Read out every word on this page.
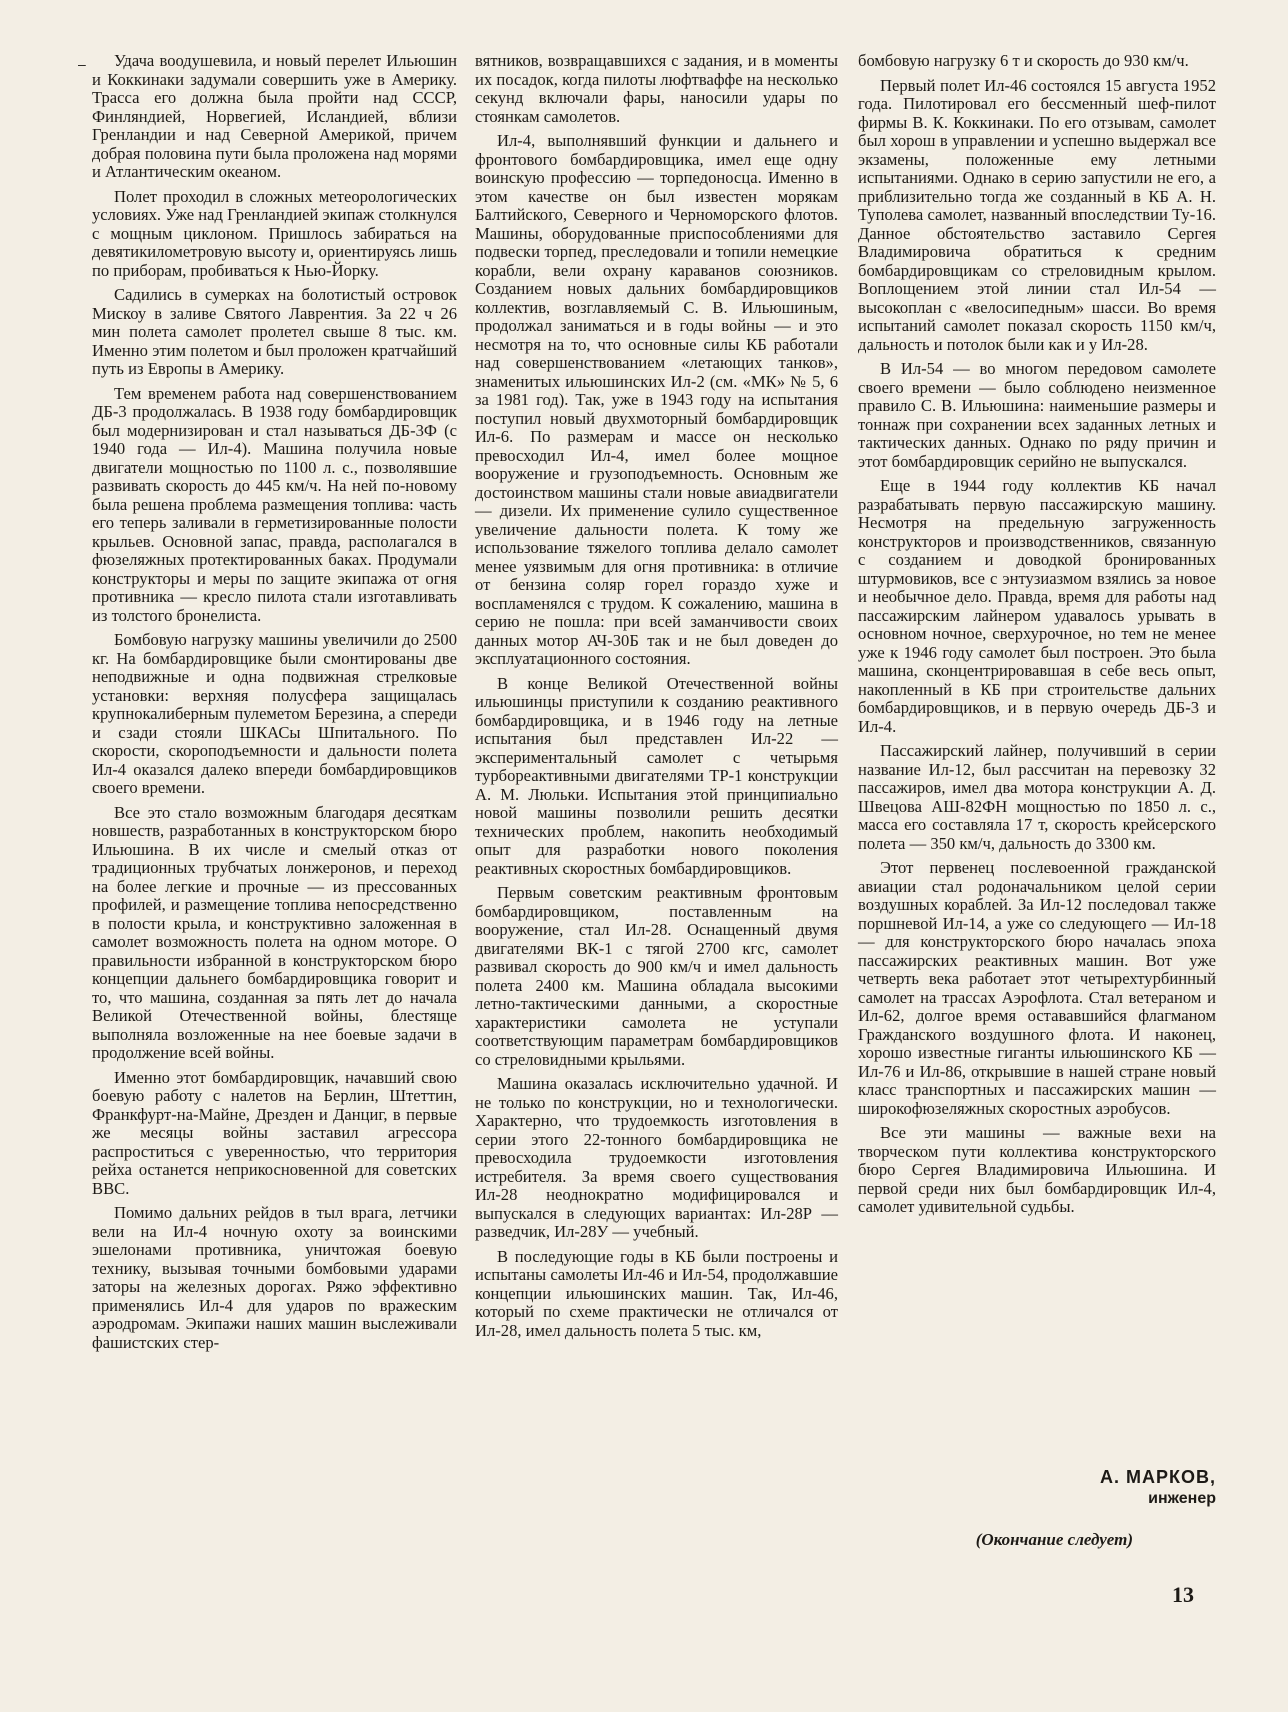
–	Удача воодушевила, и новый перелет Ильюшин и Коккинаки задумали совершить уже в Америку. Трасса его должна была пройти над СССР, Финляндией, Норвегией, Исландией, вблизи Гренландии и над Северной Америкой, причем добрая половина пути была проложена над морями и Атлантическим океаном.

Полет проходил в сложных метеорологических условиях. Уже над Гренландией экипаж столкнулся с мощным циклоном. Пришлось забираться на девятикилометровую высоту и, ориентируясь лишь по приборам, пробиваться к Нью-Йорку.

Садились в сумерках на болотистый островок Мискоу в заливе Святого Лаврентия. За 22 ч 26 мин полета самолет пролетел свыше 8 тыс. км. Именно этим полетом и был проложен кратчайший путь из Европы в Америку.

Тем временем работа над совершенствованием ДБ-3 продолжалась. В 1938 году бомбардировщик был модернизирован и стал называться ДБ-3Ф (с 1940 года — Ил-4). Машина получила новые двигатели мощностью по 1100 л. с., позволявшие развивать скорость до 445 км/ч. На ней по-новому была решена проблема размещения топлива: часть его теперь заливали в герметизированные полости крыльев. Основной запас, правда, располагался в фюзеляжных протектированных баках. Продумали конструкторы и меры по защите экипажа от огня противника — кресло пилота стали изготавливать из толстого бронелиста.

Бомбовую нагрузку машины увеличили до 2500 кг. На бомбардировщике были смонтированы две неподвижные и одна подвижная стрелковые установки: верхняя полусфера защищалась крупнокалиберным пулеметом Березина, а спереди и сзади стояли ШКАСы Шпитального. По скорости, скороподъемности и дальности полета Ил-4 оказался далеко впереди бомбардировщиков своего времени.

Все это стало возможным благодаря десяткам новшеств, разработанных в конструкторском бюро Ильюшина. В их числе и смелый отказ от традиционных трубчатых лонжеронов, и переход на более легкие и прочные — из прессованных профилей, и размещение топлива непосредственно в полости крыла, и конструктивно заложенная в самолет возможность полета на одном моторе. О правильности избранной в конструкторском бюро концепции дальнего бомбардировщика говорит и то, что машина, созданная за пять лет до начала Великой Отечественной войны, блестяще выполняла возложенные на нее боевые задачи в продолжение всей войны.

Именно этот бомбардировщик, начавший свою боевую работу с налетов на Берлин, Штеттин, Франкфурт-на-Майне, Дрезден и Данциг, в первые же месяцы войны заставил агрессора распроститься с уверенностью, что территория рейха останется неприкосновенной для советских ВВС.

Помимо дальних рейдов в тыл врага, летчики вели на Ил-4 ночную охоту за воинскими эшелонами противника, уничтожая боевую технику, вызывая точными бомбовыми ударами заторы на железных дорогах. Ряжо эффективно применялись Ил-4 для ударов по вражеским аэродромам. Экипажи наших машин выслеживали фашистских стер-

вятников, возвращавшихся с задания, и в моменты их посадок, когда пилоты люфтваффе на несколько секунд включали фары, наносили удары по стоянкам самолетов.

Ил-4, выполнявший функции и дальнего и фронтового бомбардировщика, имел еще одну воинскую профессию — торпедоносца. Именно в этом качестве он был известен морякам Балтийского, Северного и Черноморского флотов. Машины, оборудованные приспособлениями для подвески торпед, преследовали и топили немецкие корабли, вели охрану караванов союзников. Созданием новых дальних бомбардировщиков коллектив, возглавляемый С. В. Ильюшиным, продолжал заниматься и в годы войны — и это несмотря на то, что основные силы КБ работали над совершенствованием «летающих танков», знаменитых ильюшинских Ил-2 (см. «МК» № 5, 6 за 1981 год). Так, уже в 1943 году на испытания поступил новый двухмоторный бомбардировщик Ил-6. По размерам и массе он несколько превосходил Ил-4, имел более мощное вооружение и грузоподъемность. Основным же достоинством машины стали новые авиадвигатели — дизели. Их применение сулило существенное увеличение дальности полета. К тому же использование тяжелого топлива делало самолет менее уязвимым для огня противника: в отличие от бензина соляр горел гораздо хуже и воспламенялся с трудом. К сожалению, машина в серию не пошла: при всей заманчивости своих данных мотор АЧ-30Б так и не был доведен до эксплуатационного состояния.

В конце Великой Отечественной войны ильюшинцы приступили к созданию реактивного бомбардировщика, и в 1946 году на летные испытания был представлен Ил-22 — экспериментальный самолет с четырьмя турбореактивными двигателями ТР-1 конструкции А. М. Люльки. Испытания этой принципиально новой машины позволили решить десятки технических проблем, накопить необходимый опыт для разработки нового поколения реактивных скоростных бомбардировщиков.

Первым советским реактивным фронтовым бомбардировщиком, поставленным на вооружение, стал Ил-28. Оснащенный двумя двигателями ВК-1 с тягой 2700 кгс, самолет развивал скорость до 900 км/ч и имел дальность полета 2400 км. Машина обладала высокими летно-тактическими данными, а скоростные характеристики самолета не уступали соответствующим параметрам бомбардировщиков со стреловидными крыльями.

Машина оказалась исключительно удачной. И не только по конструкции, но и технологически. Характерно, что трудоемкость изготовления в серии этого 22-тонного бомбардировщика не превосходила трудоемкости изготовления истребителя. За время своего существования Ил-28 неоднократно модифицировался и выпускался в следующих вариантах: Ил-28Р — разведчик, Ил-28У — учебный.

В последующие годы в КБ были построены и испытаны самолеты Ил-46 и Ил-54, продолжавшие концепции ильюшинских машин. Так, Ил-46, который по схеме практически не отличался от Ил-28, имел дальность полета 5 тыс. км,

бомбовую нагрузку 6 т и скорость до 930 км/ч.

Первый полет Ил-46 состоялся 15 августа 1952 года. Пилотировал его бессменный шеф-пилот фирмы В. К. Коккинаки. По его отзывам, самолет был хорош в управлении и успешно выдержал все экзамены, положенные ему летными испытаниями. Однако в серию запустили не его, а приблизительно тогда же созданный в КБ А. Н. Туполева самолет, названный впоследствии Ту-16. Данное обстоятельство заставило Сергея Владимировича обратиться к средним бомбардировщикам со стреловидным крылом. Воплощением этой линии стал Ил-54 — высокоплан с «велосипедным» шасси. Во время испытаний самолет показал скорость 1150 км/ч, дальность и потолок были как и у Ил-28.

В Ил-54 — во многом передовом самолете своего времени — было соблюдено неизменное правило С. В. Ильюшина: наименьшие размеры и тоннаж при сохранении всех заданных летных и тактических данных. Однако по ряду причин и этот бомбардировщик серийно не выпускался.

Еще в 1944 году коллектив КБ начал разрабатывать первую пассажирскую машину. Несмотря на предельную загруженность конструкторов и производственников, связанную с созданием и доводкой бронированных штурмовиков, все с энтузиазмом взялись за новое и необычное дело. Правда, время для работы над пассажирским лайнером удавалось урывать в основном ночное, сверхурочное, но тем не менее уже к 1946 году самолет был построен. Это была машина, сконцентрировавшая в себе весь опыт, накопленный в КБ при строительстве дальних бомбардировщиков, и в первую очередь ДБ-3 и Ил-4.

Пассажирский лайнер, получивший в серии название Ил-12, был рассчитан на перевозку 32 пассажиров, имел два мотора конструкции А. Д. Швецова АШ-82ФН мощностью по 1850 л. с., масса его составляла 17 т, скорость крейсерского полета — 350 км/ч, дальность до 3300 км.

Этот первенец послевоенной гражданской авиации стал родоначальником целой серии воздушных кораблей. За Ил-12 последовал также поршневой Ил-14, а уже со следующего — Ил-18 — для конструкторского бюро началась эпоха пассажирских реактивных машин. Вот уже четверть века работает этот четырехтурбинный самолет на трассах Аэрофлота. Стал ветераном и Ил-62, долгое время остававшийся флагманом Гражданского воздушного флота. И наконец, хорошо известные гиганты ильюшинского КБ — Ил-76 и Ил-86, открывшие в нашей стране новый класс транспортных и пассажирских машин — широкофюзеляжных скоростных аэробусов.

Все эти машины — важные вехи на творческом пути коллектива конструкторского бюро Сергея Владимировича Ильюшина. И первой среди них был бомбардировщик Ил-4, самолет удивительной судьбы.

А. МАРКОВ,
инженер
(Окончание следует)
13
